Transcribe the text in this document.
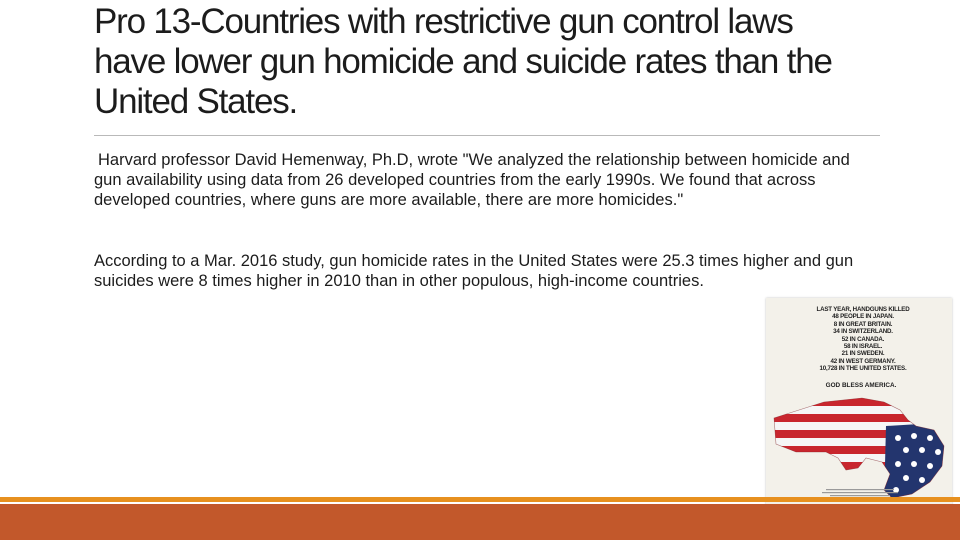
Pro 13-Countries with restrictive gun control laws have lower gun homicide and suicide rates than the United States.

Harvard professor David Hemenway, Ph.D, wrote "We analyzed the relationship between homicide and gun availability using data from 26 developed countries from the early 1990s. We found that across developed countries, where guns are more available, there are more homicides."

According to a Mar. 2016 study, gun homicide rates in the United States were 25.3 times higher and gun suicides were 8 times higher in 2010 than in other populous, high-income countries.

LAST YEAR, HANDGUNS KILLED
48 PEOPLE IN JAPAN.
8 IN GREAT BRITAIN.
34 IN SWITZERLAND.
52 IN CANADA.
58 IN ISRAEL.
21 IN SWEDEN.
42 IN WEST GERMANY.
10,728 IN THE UNITED STATES.
GOD BLESS AMERICA.
